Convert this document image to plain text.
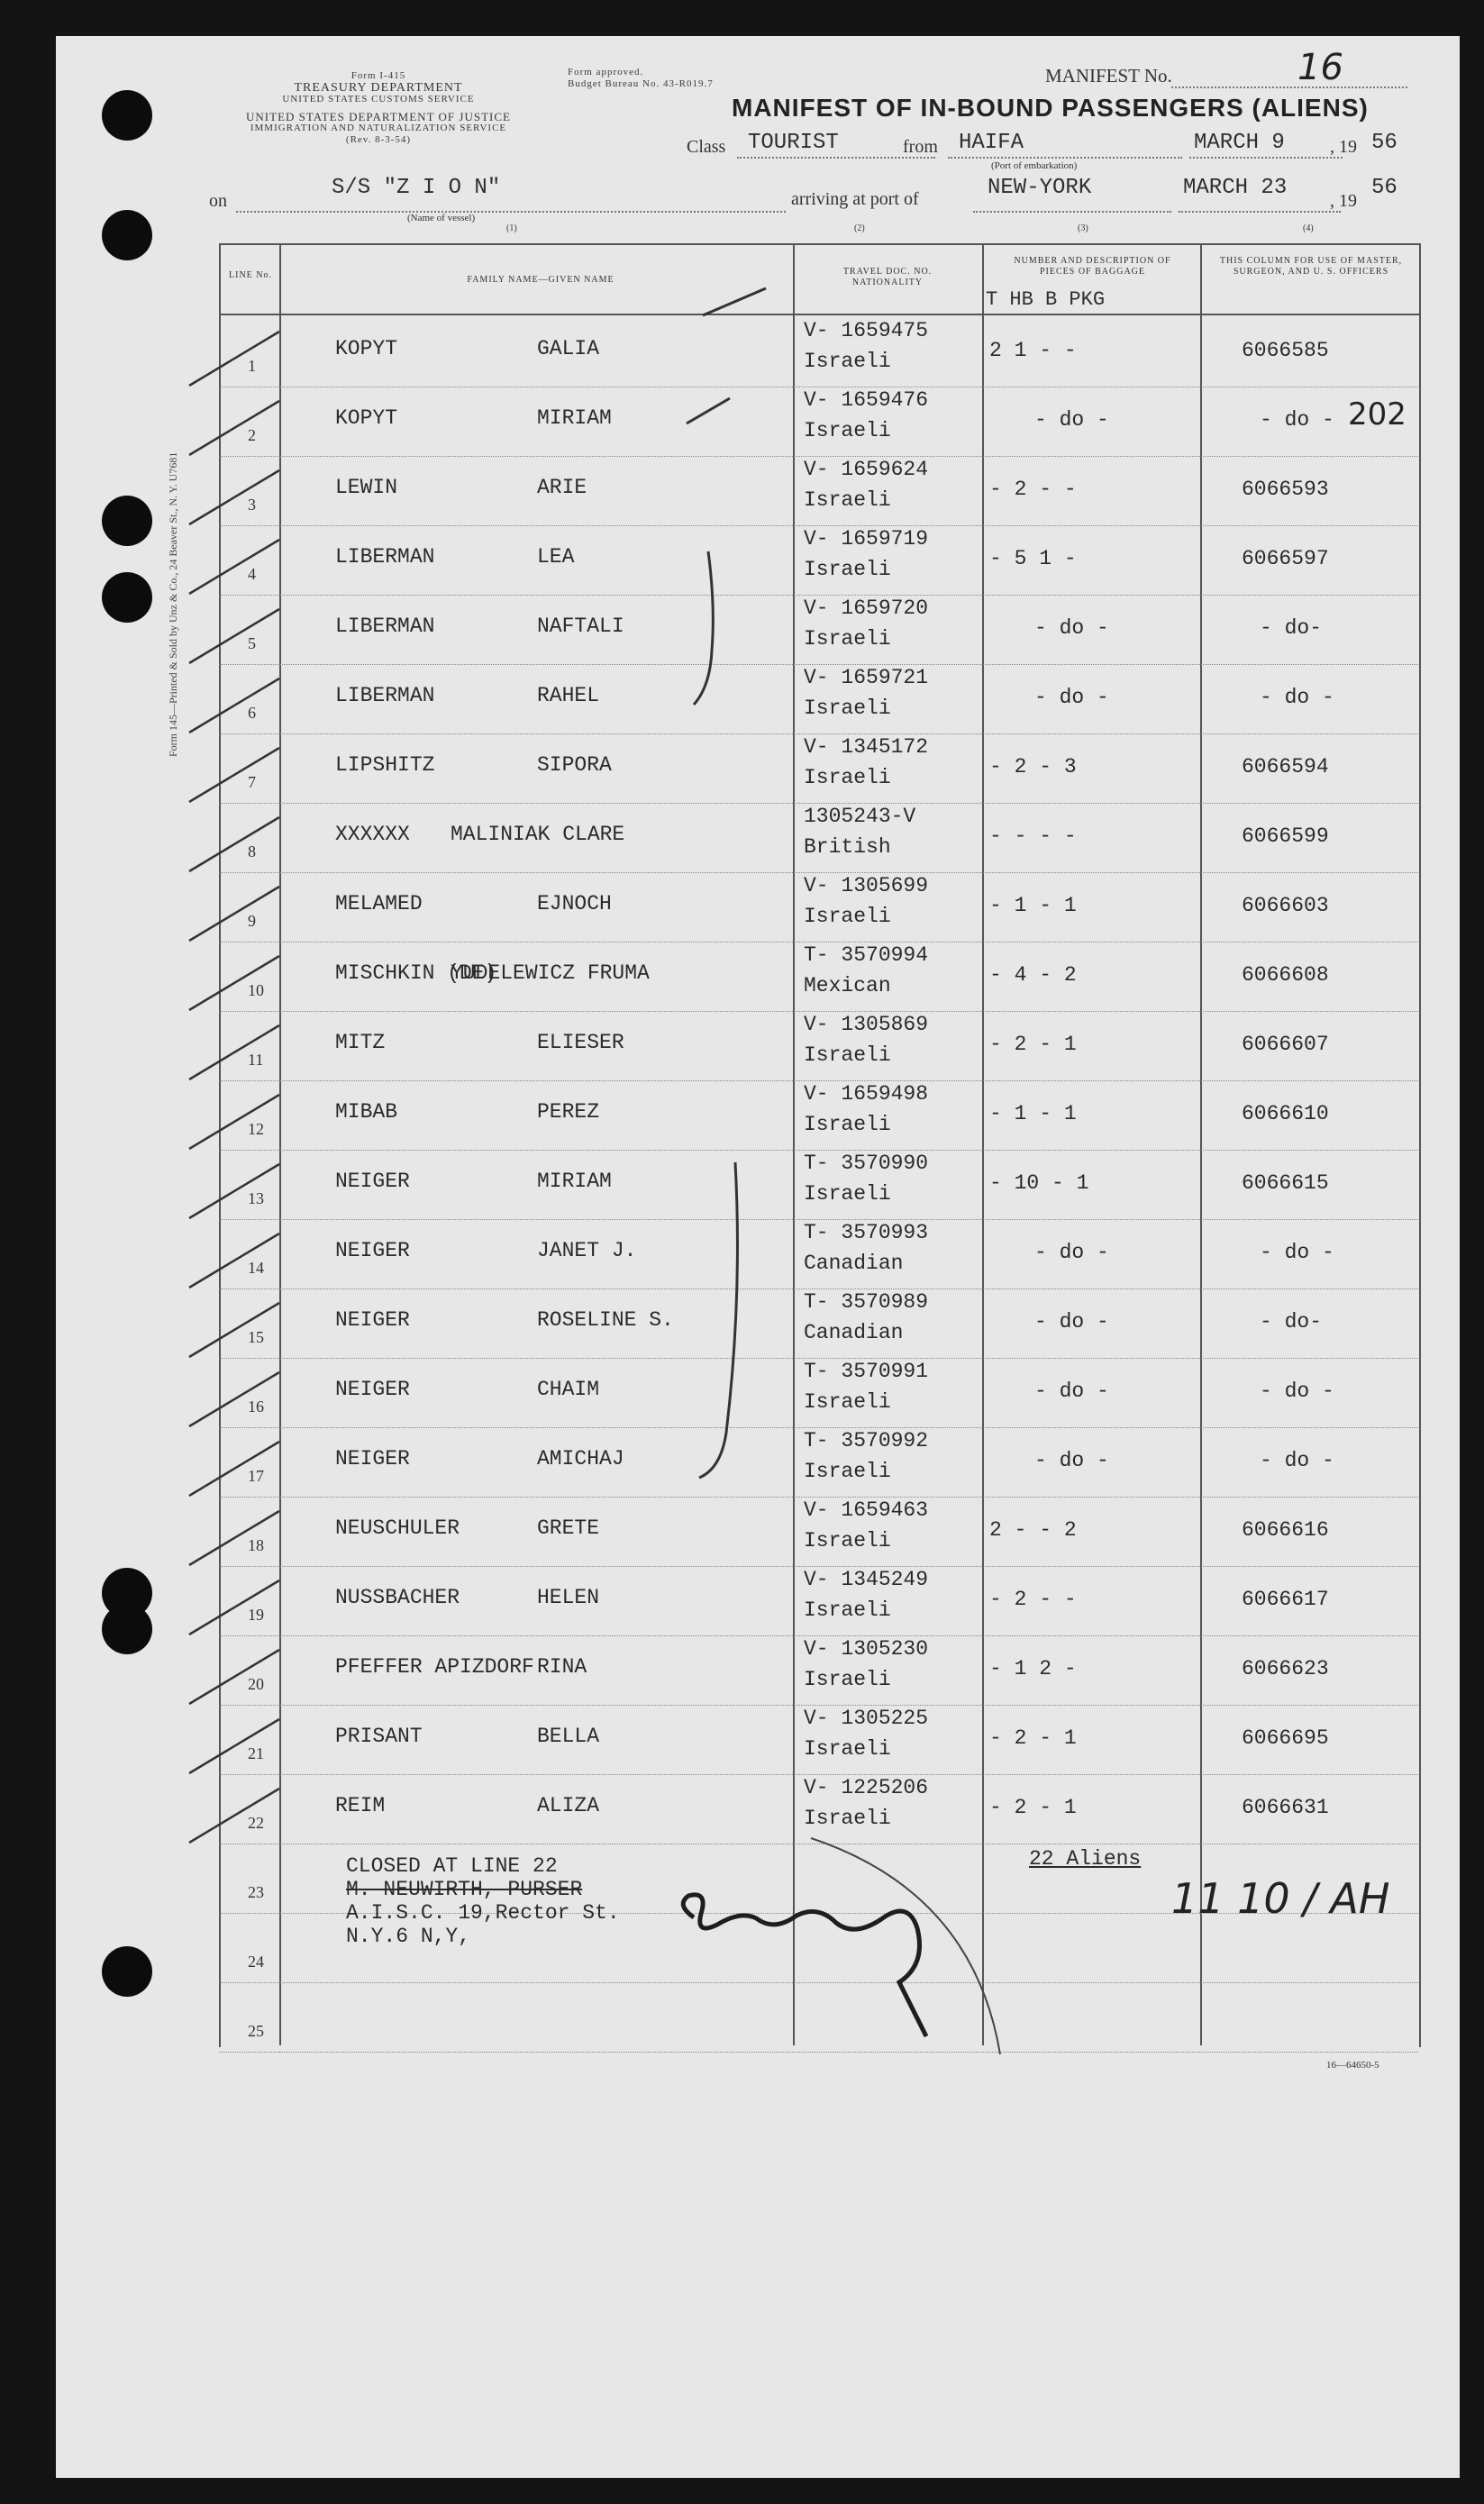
Form 145—Printed & Sold by Unz & Co., 24 Beaver St., N. Y. U7681
Form I-415
TREASURY DEPARTMENT
UNITED STATES CUSTOMS SERVICE
UNITED STATES DEPARTMENT OF JUSTICE
IMMIGRATION AND NATURALIZATION SERVICE
(Rev. 8-3-54)
Form approved.
Budget Bureau No. 43-R019.7	MANIFEST No.	16
MANIFEST OF IN-BOUND PASSENGERS (ALIENS)
Class TOURIST	from HAIFA
(Port of embarkation)
MARCH 9	, 19 56
on
S/S "Z I O N"
(Name of vessel)
(1)
arriving at port of	NEW-YORK	MARCH 23
, 19
56
(2)	(3)	(4)
LINE No.	FAMILY NAME—GIVEN NAME
TRAVEL DOC. NO. NATIONALITY
NUMBER AND DESCRIPTION OF PIECES OF BAGGAGE
T HB B PKG
THIS COLUMN FOR USE OF MASTER, SURGEON, AND U. S. OFFICERS
1
KOPYT	GALIA
V- 1659475
Israeli	2 1 - -	6066585
2
KOPYT	MIRIAM
V- 1659476
Israeli	- do -	- do -
3
LEWIN	ARIE
V- 1659624
Israeli	- 2 - -	6066593
4
LIBERMAN	LEA
V- 1659719
Israeli	- 5 1 -	6066597
5
LIBERMAN	NAFTALI
V- 1659720
Israeli	- do -	- do-
6
LIBERMAN	RAHEL
V- 1659721
Israeli	- do -	- do -
7
LIPSHITZ	SIPORA
V- 1345172
Israeli	- 2 - 3	6066594
8
XXXXXX MALINIAK CLARE
1305243-V
British	- - - -	6066599
9
MELAMED	EJNOCH
V- 1305699
Israeli	- 1 - 1	6066603
10
MISCHKIN (DE)
YUDELEWICZ FRUMA
T- 3570994
Mexican	- 4 - 2	6066608
11
MITZ	ELIESER
V- 1305869
Israeli	- 2 - 1	6066607
12
MIBAB	PEREZ
V- 1659498
Israeli	- 1 - 1	6066610
13
NEIGER	MIRIAM
T- 3570990
Israeli	- 10 - 1	6066615
14
NEIGER	JANET J.
T- 3570993
Canadian	- do -	- do -
15
NEIGER	ROSELINE S.
T- 3570989
Canadian	- do -	- do-
16
NEIGER	CHAIM
T- 3570991
Israeli	- do -	- do -
17
NEIGER	AMICHAJ
T- 3570992
Israeli	- do -	- do -
18
NEUSCHULER	GRETE
V- 1659463
Israeli	2 - - 2	6066616
19
NUSSBACHER	HELEN
V- 1345249
Israeli	- 2 - -	6066617
20
PFEFFER APIZDORF RINA
V- 1305230
Israeli	- 1 2 -	6066623
21
PRISANT	BELLA
V- 1305225
Israeli	- 2 - 1	6066695
22
REIM	ALIZA
V- 1225206
Israeli	- 2 - 1	6066631
23
24
25
CLOSED AT LINE 22
M. NEUWIRTH, PURSER
A.I.S.C. 19,Rector St.
N.Y.6 N,Y,
22 Aliens
202
11 10 / AH
16—64650-5
